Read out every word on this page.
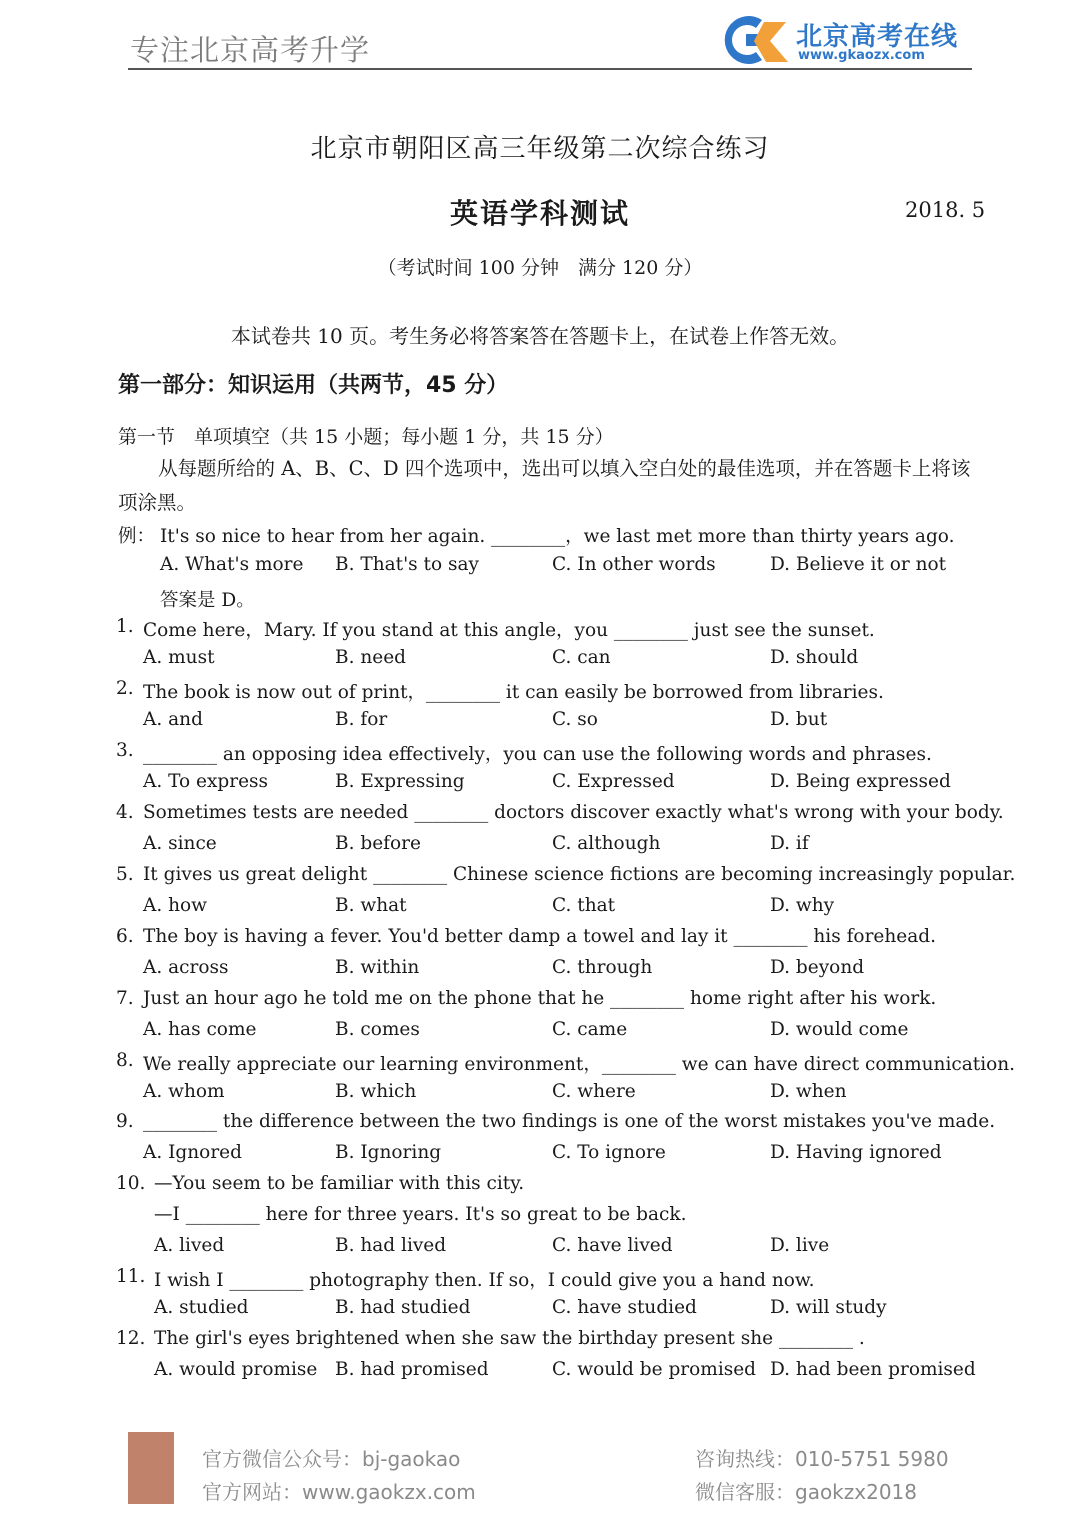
专注北京高考升学	北京高考在线
www.gkaozx.com
北京市朝阳区高三年级第二次综合练习
英语学科测试	2018. 5
（考试时间 100 分钟　满分 120 分）
本试卷共 10 页。考生务必将答案答在答题卡上，在试卷上作答无效。
第一部分：知识运用（共两节，45 分）
第一节　单项填空（共 15 小题；每小题 1 分，共 15 分）
从每题所给的 A、B、C、D 四个选项中，选出可以填入空白处的最佳选项，并在答题卡上将该项涂黑。
例： It's so nice to hear from her again. ________，we last met more than thirty years ago.
A. What's more B. That's to say	C. In other words	D. Believe it or not
答案是 D。
1. Come here，Mary. If you stand at this angle，you ________ just see the sunset.
A. must	B. need	C. can	D. should
2. The book is now out of print，________ it can easily be borrowed from libraries.
A. and	B. for	C. so	D. but
3. ________ an opposing idea effectively，you can use the following words and phrases.
A. To express	B. Expressing	C. Expressed	D. Being expressed
4. Sometimes tests are needed ________ doctors discover exactly what's wrong with your body.
A. since	B. before	C. although	D. if
5. It gives us great delight ________ Chinese science fictions are becoming increasingly popular.
A. how	B. what	C. that	D. why
6. The boy is having a fever. You'd better damp a towel and lay it ________ his forehead.
A. across	B. within	C. through	D. beyond
7. Just an hour ago he told me on the phone that he ________ home right after his work.
A. has come	B. comes	C. came	D. would come
8. We really appreciate our learning environment，________ we can have direct communication.
A. whom	B. which	C. where	D. when
9. ________ the difference between the two findings is one of the worst mistakes you've made.
A. Ignored	B. Ignoring	C. To ignore	D. Having ignored
10. —You seem to be familiar with this city.
—I ________ here for three years. It's so great to be back.
A. lived	B. had lived	C. have lived	D. live
11. I wish I ________ photography then. If so，I could give you a hand now.
A. studied	B. had studied	C. have studied	D. will study
12. The girl's eyes brightened when she saw the birthday present she ________ .
A. would promise B. had promised	C. would be promised D. had been promised
官方微信公众号：bj-gaokao
官方网站：www.gaokzx.com
咨询热线：010-5751 5980
微信客服：gaokzx2018
